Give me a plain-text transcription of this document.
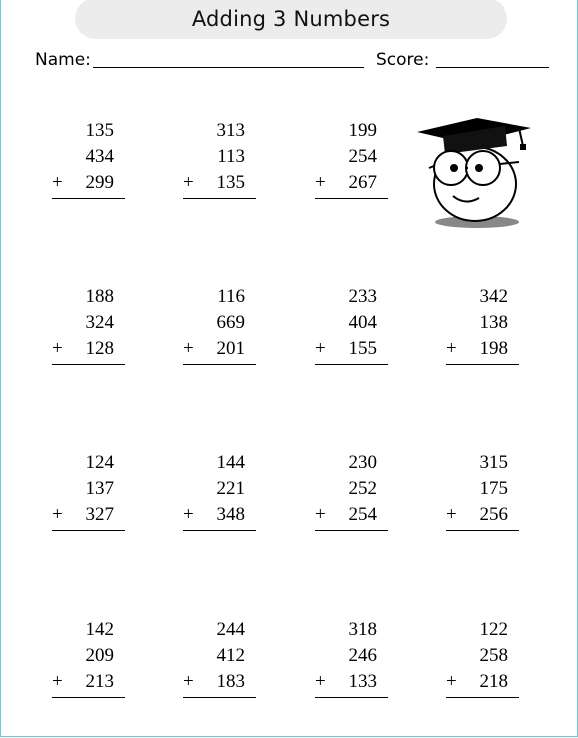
Adding 3 Numbers
Name:	Score:
135
434
+ 299
313
113
+ 135
199
254
+ 267
188
324
+ 128
116
669
+ 201
233
404
+ 155
342
138
+ 198
124
137
+ 327
144
221
+ 348
230
252
+ 254
315
175
+ 256
142
209
+ 213
244
412
+ 183
318
246
+ 133
122
258
+ 218
